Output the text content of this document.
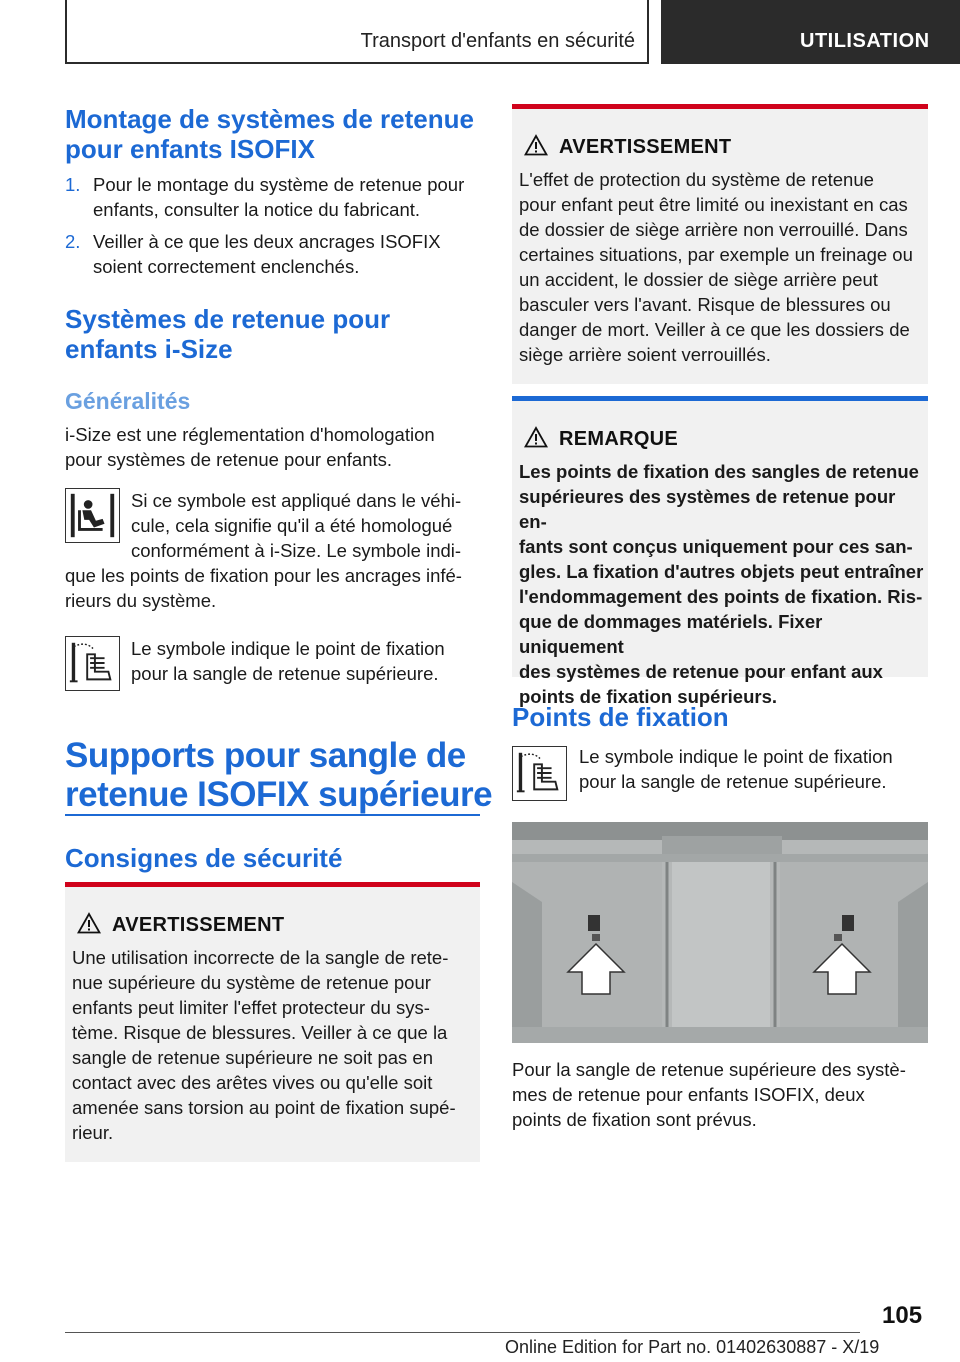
Transport d'enfants en sécurité	UTILISATION
Montage de systèmes de retenue
pour enfants ISOFIX
1. Pour le montage du système de retenue pour
enfants, consulter la notice du fabricant.
2. Veiller à ce que les deux ancrages ISOFIX
soient correctement enclenchés.
Systèmes de retenue pour
enfants i-Size
Généralités
i-Size est une réglementation d'homologation
pour systèmes de retenue pour enfants.
Si ce symbole est appliqué dans le véhi-
cule, cela signifie qu'il a été homologué
conformément à i-Size. Le symbole indi-
que les points de fixation pour les ancrages infé-
rieurs du système.
Le symbole indique le point de fixation
pour la sangle de retenue supérieure.
Supports pour sangle de
retenue ISOFIX supérieure
Consignes de sécurité
AVERTISSEMENT
Une utilisation incorrecte de la sangle de rete-
nue supérieure du système de retenue pour
enfants peut limiter l'effet protecteur du sys-
tème. Risque de blessures. Veiller à ce que la
sangle de retenue supérieure ne soit pas en
contact avec des arêtes vives ou qu'elle soit
amenée sans torsion au point de fixation supé-
rieur.
AVERTISSEMENT
L'effet de protection du système de retenue
pour enfant peut être limité ou inexistant en cas
de dossier de siège arrière non verrouillé. Dans
certaines situations, par exemple un freinage ou
un accident, le dossier de siège arrière peut
basculer vers l'avant. Risque de blessures ou
danger de mort. Veiller à ce que les dossiers de
siège arrière soient verrouillés.
REMARQUE
Les points de fixation des sangles de retenue
supérieures des systèmes de retenue pour en-
fants sont conçus uniquement pour ces san-
gles. La fixation d'autres objets peut entraîner
l'endommagement des points de fixation. Ris-
que de dommages matériels. Fixer uniquement
des systèmes de retenue pour enfant aux
points de fixation supérieurs.
Points de fixation
Le symbole indique le point de fixation
pour la sangle de retenue supérieure.
Pour la sangle de retenue supérieure des systè-
mes de retenue pour enfants ISOFIX, deux
points de fixation sont prévus.
105
Online Edition for Part no. 01402630887 - X/19
